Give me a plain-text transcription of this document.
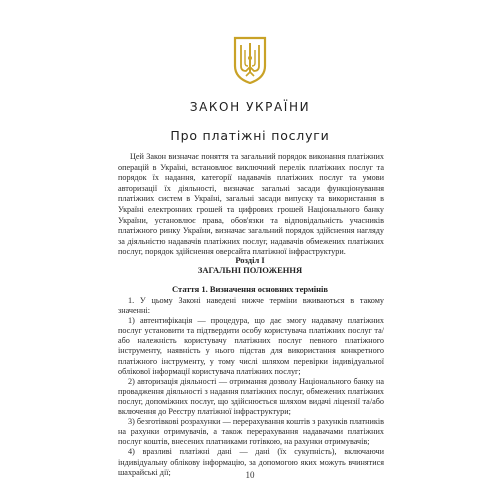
ЗАКОН УКРАЇНИ
Про платіжні послуги

Цей Закон визначає поняття та загальний порядок виконання платіжних операцій в Україні, встановлює виключний перелік платіжних послуг та порядок їх надання, категорії надавачів платіжних послуг та умови авторизації їх діяльності, визначає загальні засади функціонування платіжних систем в Україні, загальні засади випуску та використання в Україні електронних грошей та цифрових грошей Національного банку України, установлює права, обов'язки та відповідальність учасників платіжного ринку України, визначає загальний порядок здійснення нагляду за діяльністю надавачів платіжних послуг, надавачів обмежених платіжних послуг, порядок здійснення оверсайта платіжної інфраструктури.

Розділ І
ЗАГАЛЬНІ ПОЛОЖЕННЯ
Стаття 1. Визначення основних термінів

1. У цьому Законі наведені нижче терміни вживаються в такому значенні:

1) автентифікація — процедура, що дає змогу надавачу платіжних послуг установити та підтвердити особу користувача платіжних послуг та/або належність користувачу платіжних послуг певного платіжного інструменту, наявність у нього підстав для використання конкретного платіжного інструменту, у тому числі шляхом перевірки індивідуальної облікової інформації користувача платіжних послуг;

2) авторизація діяльності — отримання дозволу Національного банку на провадження діяльності з надання платіжних послуг, обмежених платіжних послуг, допоміжних послуг, що здійснюється шляхом видачі ліцензії та/або включення до Реєстру платіжної інфраструктури;

3) безготівкові розрахунки — перерахування коштів з рахунків платників на рахунки отримувачів, а також перерахування надавачами платіжних послуг коштів, внесених платниками готівкою, на рахунки отримувачів;

4) вразливі платіжні дані — дані (їх сукупність), включаючи індивідуальну облікову інформацію, за допомогою яких можуть вчинятися шахрайські дії;	10
